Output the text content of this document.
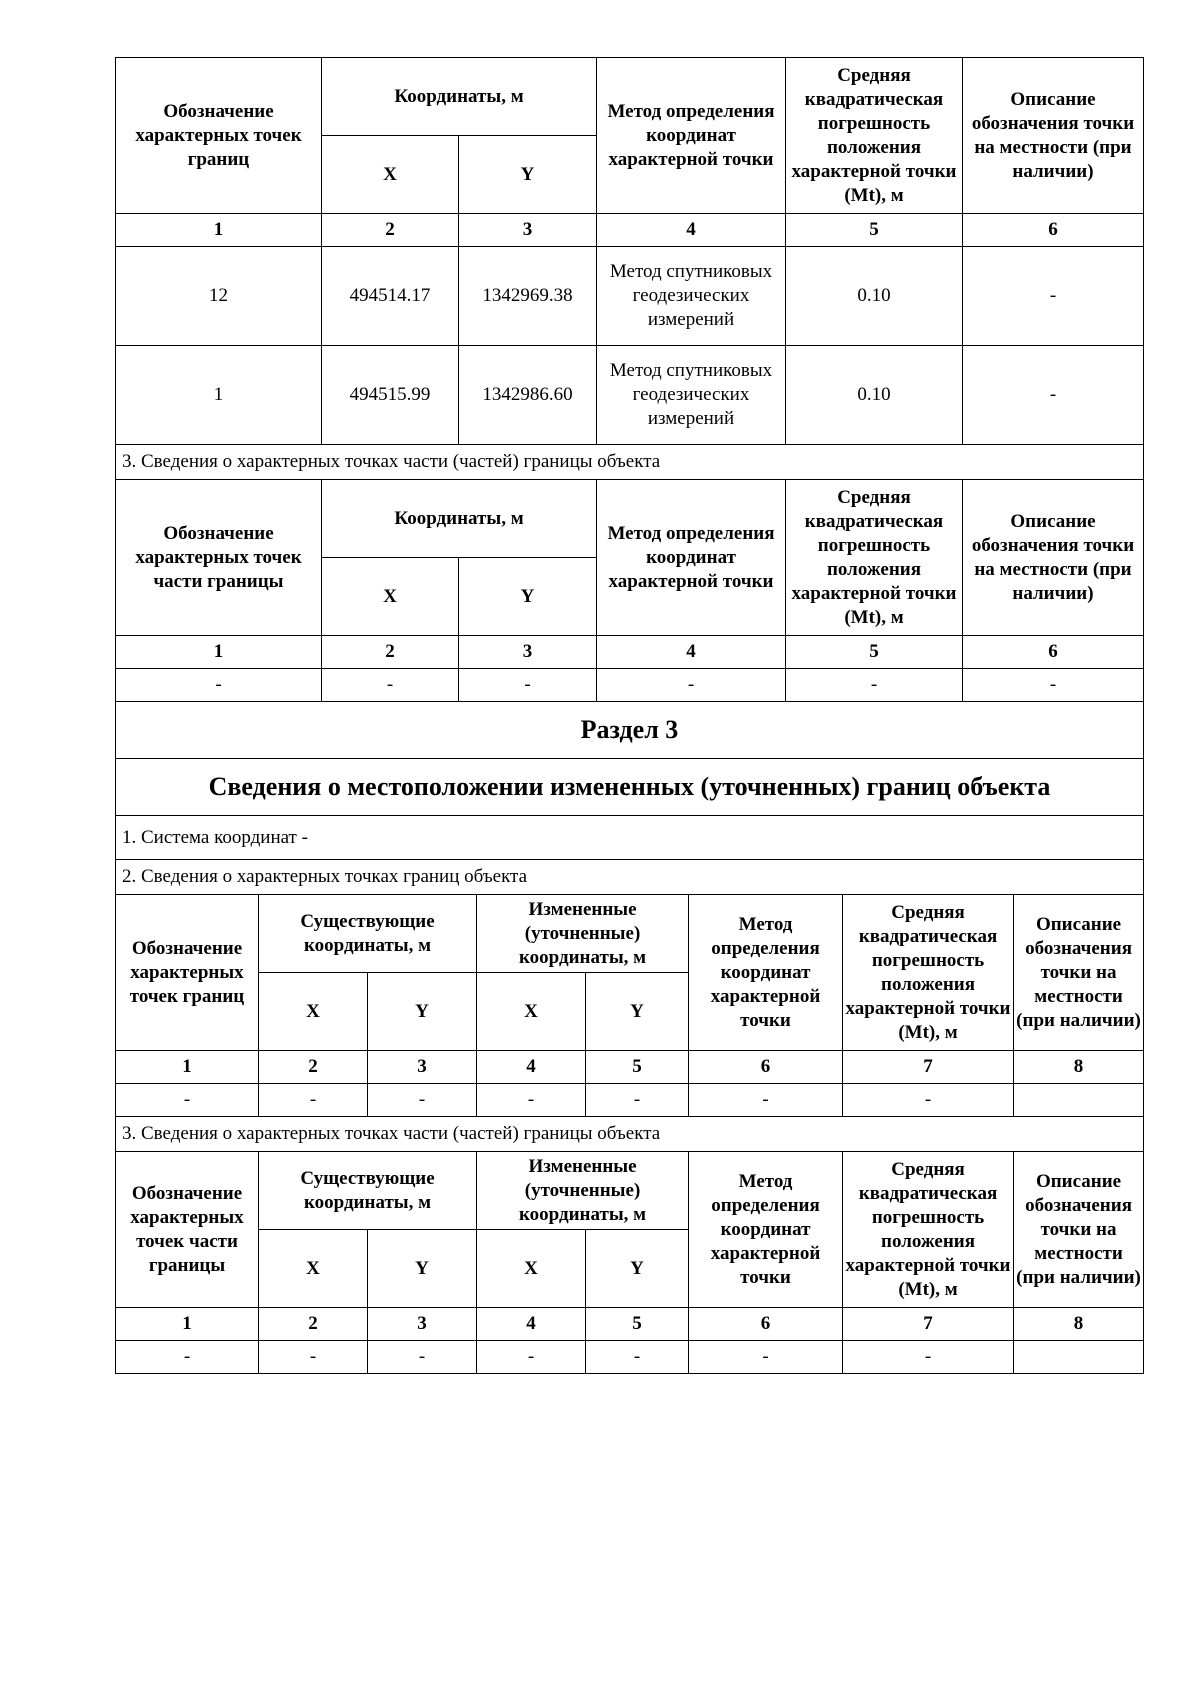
Обозначение характерных точек границ	Координаты, м		Метод определения координат характерной точки	Средняя квадратическая погрешность положения характерной точки (Mt), м	Описание обозначения точки на местности (при наличии)
	X	Y			
1	2	3	4	5	6
12	494514.17	1342969.38	Метод спутниковых геодезических измерений	0.10	-
1	494515.99	1342986.60	Метод спутниковых геодезических измерений	0.10	-
3. Сведения о характерных точках части (частей) границы объекта					
Обозначение характерных точек части границы	Координаты, м		Метод определения координат характерной точки	Средняя квадратическая погрешность положения характерной точки (Mt), м	Описание обозначения точки на местности (при наличии)
	X	Y			
1	2	3	4	5	6
-	-	-	-	-	-
Раздел 3					
Сведения о местоположении измененных (уточненных) границ объекта					
1. Система координат -					
2. Сведения о характерных точках границ объекта					
Обозначение характерных точек границ	Существующие координаты, м		Измененные (уточненные) координаты, м		Метод определения координат характерной точки	Средняя квадратическая погрешность положения характерной точки (Mt), м	Описание обозначения точки на местности (при наличии)
	X	Y	X	Y			
1	2	3	4	5	6	7	8
-	-	-	-	-	-	-	
3. Сведения о характерных точках части (частей) границы объекта							
Обозначение характерных точек части границы	Существующие координаты, м		Измененные (уточненные) координаты, м		Метод определения координат характерной точки	Средняя квадратическая погрешность положения характерной точки (Mt), м	Описание обозначения точки на местности (при наличии)
	X	Y	X	Y			
1	2	3	4	5	6	7	8
-	-	-	-	-	-	-	
